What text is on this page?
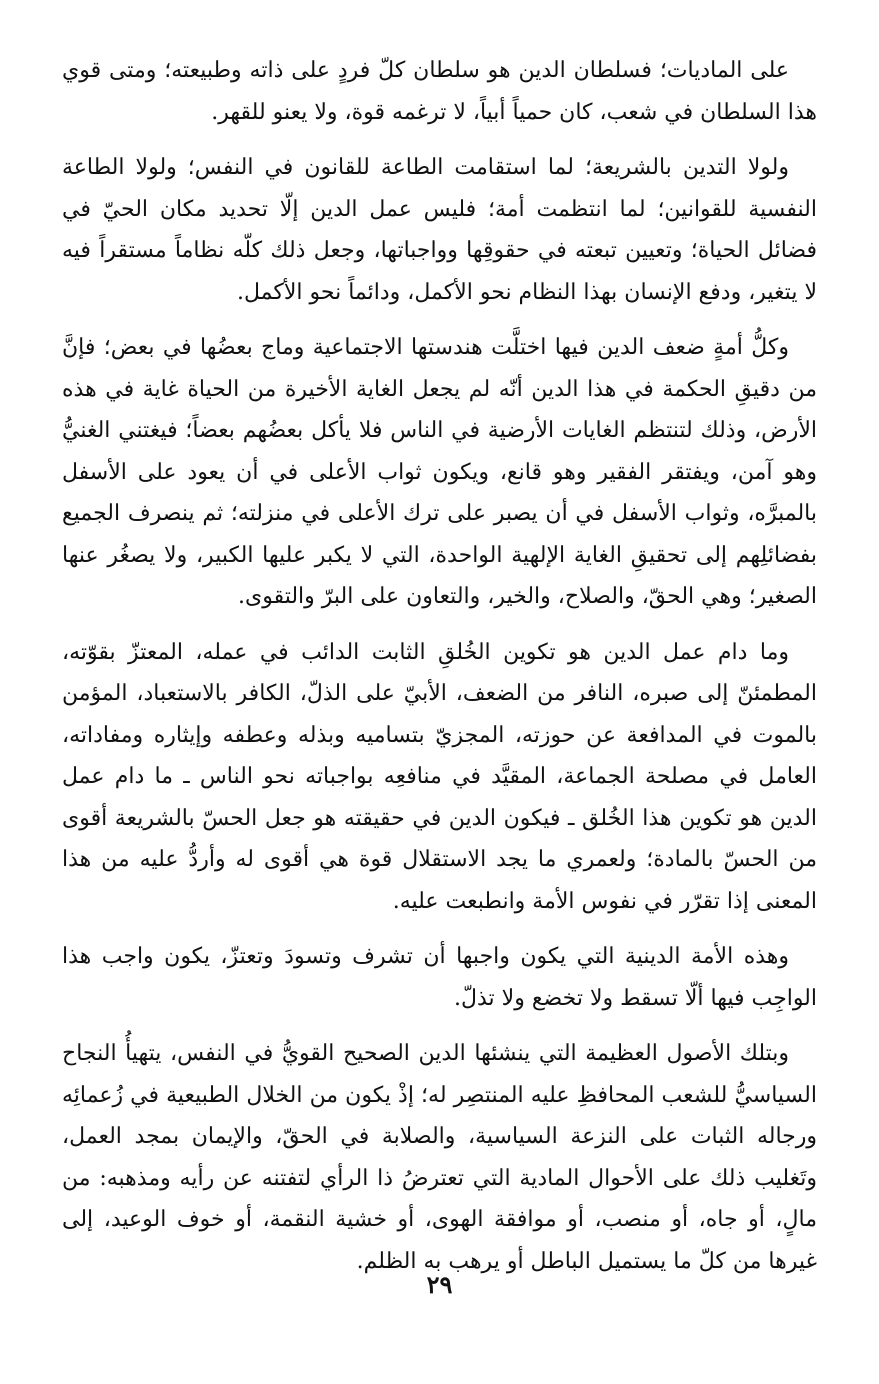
على الماديات؛ فسلطان الدين هو سلطان كلّ فردٍ على ذاته وطبيعته؛ ومتى قوي هذا السلطان في شعب، كان حمياً أبياً، لا ترغمه قوة، ولا يعنو للقهر.

ولولا التدين بالشريعة؛ لما استقامت الطاعة للقانون في النفس؛ ولولا الطاعة النفسية للقوانين؛ لما انتظمت أمة؛ فليس عمل الدين إلّا تحديد مكان الحيّ في فضائل الحياة؛ وتعيين تبعته في حقوقِها وواجباتها، وجعل ذلك كلّه نظاماً مستقراً فيه لا يتغير، ودفع الإنسان بهذا النظام نحو الأكمل، ودائماً نحو الأكمل.

وكلُّ أمةٍ ضعف الدين فيها اختلَّت هندستها الاجتماعية وماج بعضُها في بعض؛ فإنَّ من دقيقِ الحكمة في هذا الدين أنّه لم يجعل الغاية الأخيرة من الحياة غاية في هذه الأرض، وذلك لتنتظم الغايات الأرضية في الناس فلا يأكل بعضُهم بعضاً؛ فيغتني الغنيُّ وهو آمن، ويفتقر الفقير وهو قانع، ويكون ثواب الأعلى في أن يعود على الأسفل بالمبرَّه، وثواب الأسفل في أن يصبر على ترك الأعلى في منزلته؛ ثم ينصرف الجميع بفضائلِهم إلى تحقيقِ الغاية الإلهية الواحدة، التي لا يكبر عليها الكبير، ولا يصغُر عنها الصغير؛ وهي الحقّ، والصلاح، والخير، والتعاون على البرّ والتقوى.

وما دام عمل الدين هو تكوين الخُلقِ الثابت الدائب في عمله، المعتزّ بقوّته، المطمئنّ إلى صبره، النافر من الضعف، الأبيّ على الذلّ، الكافر بالاستعباد، المؤمن بالموت في المدافعة عن حوزته، المجزيّ بتساميه وبذله وعطفه وإيثاره ومفاداته، العامل في مصلحة الجماعة، المقيَّد في منافعِه بواجباته نحو الناس ـ ما دام عمل الدين هو تكوين هذا الخُلق ـ فيكون الدين في حقيقته هو جعل الحسّ بالشريعة أقوى من الحسّ بالمادة؛ ولعمري ما يجد الاستقلال قوة هي أقوى له وأردُّ عليه من هذا المعنى إذا تقرّر في نفوس الأمة وانطبعت عليه.

وهذه الأمة الدينية التي يكون واجبها أن تشرف وتسودَ وتعتزّ، يكون واجب هذا الواجِب فيها ألّا تسقط ولا تخضع ولا تذلّ.

وبتلك الأصول العظيمة التي ينشئها الدين الصحيح القويُّ في النفس، يتهيأُ النجاح السياسيُّ للشعب المحافظِ عليه المنتصِر له؛ إذْ يكون من الخلال الطبيعية في زُعمائِه ورجاله الثبات على النزعة السياسية، والصلابة في الحقّ، والإيمان بمجد العمل، وتَغليب ذلك على الأحوال المادية التي تعترضُ ذا الرأي لتفتنه عن رأيه ومذهبه: من مالٍ، أو جاه، أو منصب، أو موافقة الهوى، أو خشية النقمة، أو خوف الوعيد، إلى غيرها من كلّ ما يستميل الباطل أو يرهب به الظلم.

٢٩
